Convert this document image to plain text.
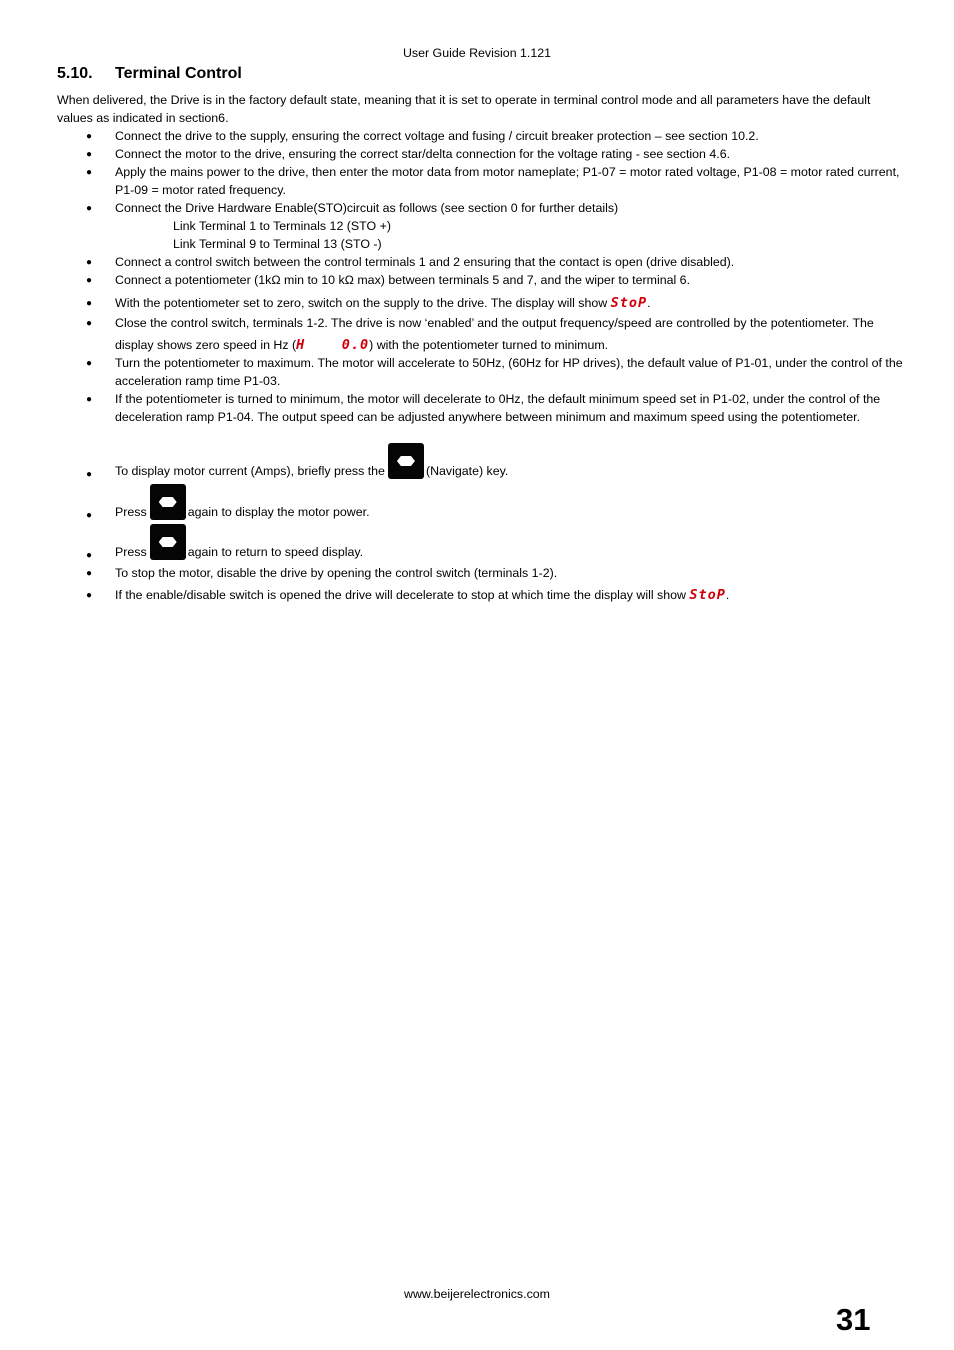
User Guide Revision 1.121
5.10. Terminal Control
When delivered, the Drive is in the factory default state, meaning that it is set to operate in terminal control mode and all parameters have the default values as indicated in section6.
● Connect the drive to the supply, ensuring the correct voltage and fusing / circuit breaker protection – see section 10.2.
● Connect the motor to the drive, ensuring the correct star/delta connection for the voltage rating - see section 4.6.
● Apply the mains power to the drive, then enter the motor data from motor nameplate; P1-07 = motor rated voltage, P1-08 = motor rated current, P1-09 = motor rated frequency.
● Connect the Drive Hardware Enable(STO)circuit as follows (see section 0 for further details)
Link Terminal 1 to Terminals 12 (STO +)
Link Terminal 9 to Terminal 13 (STO -)
● Connect a control switch between the control terminals 1 and 2 ensuring that the contact is open (drive disabled).
● Connect a potentiometer (1kΩ min to 10 kΩ max) between terminals 5 and 7, and the wiper to terminal 6.
● With the potentiometer set to zero, switch on the supply to the drive. The display will show StoP.
● Close the control switch, terminals 1-2. The drive is now ‘enabled’ and the output frequency/speed are controlled by the potentiometer. The display shows zero speed in Hz (H    0.0) with the potentiometer turned to minimum.
● Turn the potentiometer to maximum. The motor will accelerate to 50Hz, (60Hz for HP drives), the default value of P1-01, under the control of the acceleration ramp time P1-03.
● If the potentiometer is turned to minimum, the motor will decelerate to 0Hz, the default minimum speed set in P1-02, under the control of the deceleration ramp P1-04. The output speed can be adjusted anywhere between minimum and maximum speed using the potentiometer.
● To display motor current (Amps), briefly press the	(Navigate) key.
● Press	again to display the motor power.
● Press	again to return to speed display.
● To stop the motor, disable the drive by opening the control switch (terminals 1-2).
● If the enable/disable switch is opened the drive will decelerate to stop at which time the display will show StoP.
www.beijerelectronics.com
31
